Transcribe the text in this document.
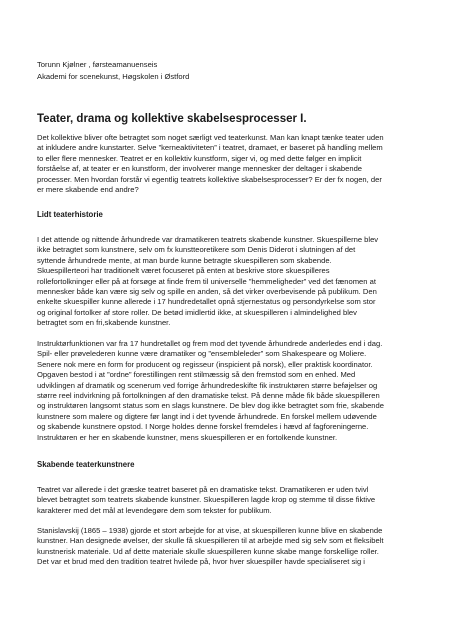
Torunn Kjølner , førsteamanuenseis
Akademi for scenekunst, Høgskolen i Østford
Teater, drama og kollektive skabelsesprocesser I.
Det kollektive bliver ofte betragtet som noget særligt ved teaterkunst. Man kan knapt tænke teater uden
at inkludere andre kunstarter. Selve ”kerneaktiviteten” i teatret, dramaet, er baseret på handling mellem
to eller flere mennesker. Teatret er en kollektiv kunstform, siger vi, og med dette følger en implicit
forståelse af, at teater er en kunstform, der involverer mange mennesker der deltager i skabende
processer. Men hvordan forstår vi egentlig teatrets kollektive skabelsesprocesser? Er der fx nogen, der
er mere skabende end andre?
Lidt teaterhistorie
I det attende og nittende århundrede var dramatikeren teatrets skabende kunstner. Skuespillerne blev
ikke betragtet som kunstnere, selv om fx kunstteoretikere som Denis Diderot i slutningen af det
syttende århundrede mente, at man burde kunne betragte skuespilleren som skabende.
Skuespillerteori har traditionelt været focuseret på enten at beskrive store skuespilleres
rollefortolkninger eller på at forsøge at finde frem til universelle ”hemmeligheder” ved det fænomen at
mennesker både kan være sig selv og spille en anden, så det virker overbevisende på publikum. Den
enkelte skuespiller kunne allerede i 17 hundredetallet opnå stjernestatus og persondyrkelse som stor
og original fortolker af store roller. De betød imidlertid ikke, at skuespilleren i almindelighed blev
betragtet som en fri,skabende kunstner.
Instruktørfunktionen var fra 17 hundretallet og frem mod det tyvende århundrede anderledes end i dag.
Spil- eller prøvelederen kunne være dramatiker og ”ensembleleder” som Shakespeare og Moliere.
Senere nok mere en form for producent og regisseur (inspicient på norsk), eller praktisk koordinator.
Opgaven bestod i at ”ordne” forestillingen rent stilmæssig så den fremstod som en enhed. Med
udviklingen af dramatik og scenerum ved forrige århundredeskifte fik instruktøren større beføjelser og
større reel indvirkning på fortolkningen af den dramatiske tekst. På denne måde fik både skuespilleren
og instruktøren langsomt status som en slags kunstnere. De blev dog ikke betragtet som frie, skabende
kunstnere som malere og digtere før langt ind i det tyvende århundrede. En forskel mellem udøvende
og skabende kunstnere opstod. I Norge holdes denne forskel fremdeles i hævd af fagforeningerne.
Instruktøren er her en skabende kunstner, mens skuespilleren er en fortolkende kunstner.
Skabende teaterkunstnere
Teatret var allerede i det græske teatret baseret på en dramatiske tekst. Dramatikeren er uden tvivl
blevet betragtet som teatrets skabende kunstner. Skuespilleren lagde krop og stemme til disse fiktive
karakterer med det mål at levendegøre dem som tekster for publikum.
Stanislavskij (1865 – 1938) gjorde et stort arbejde for at vise, at skuespilleren kunne blive en skabende
kunstner. Han designede øvelser, der skulle få skuespilleren til at arbejde med sig selv som et fleksibelt
kunstnerisk materiale. Ud af dette materiale skulle skuespilleren kunne skabe mange forskellige roller.
Det var et brud med den tradition teatret hvilede på, hvor hver skuespiller havde specialiseret sig i
